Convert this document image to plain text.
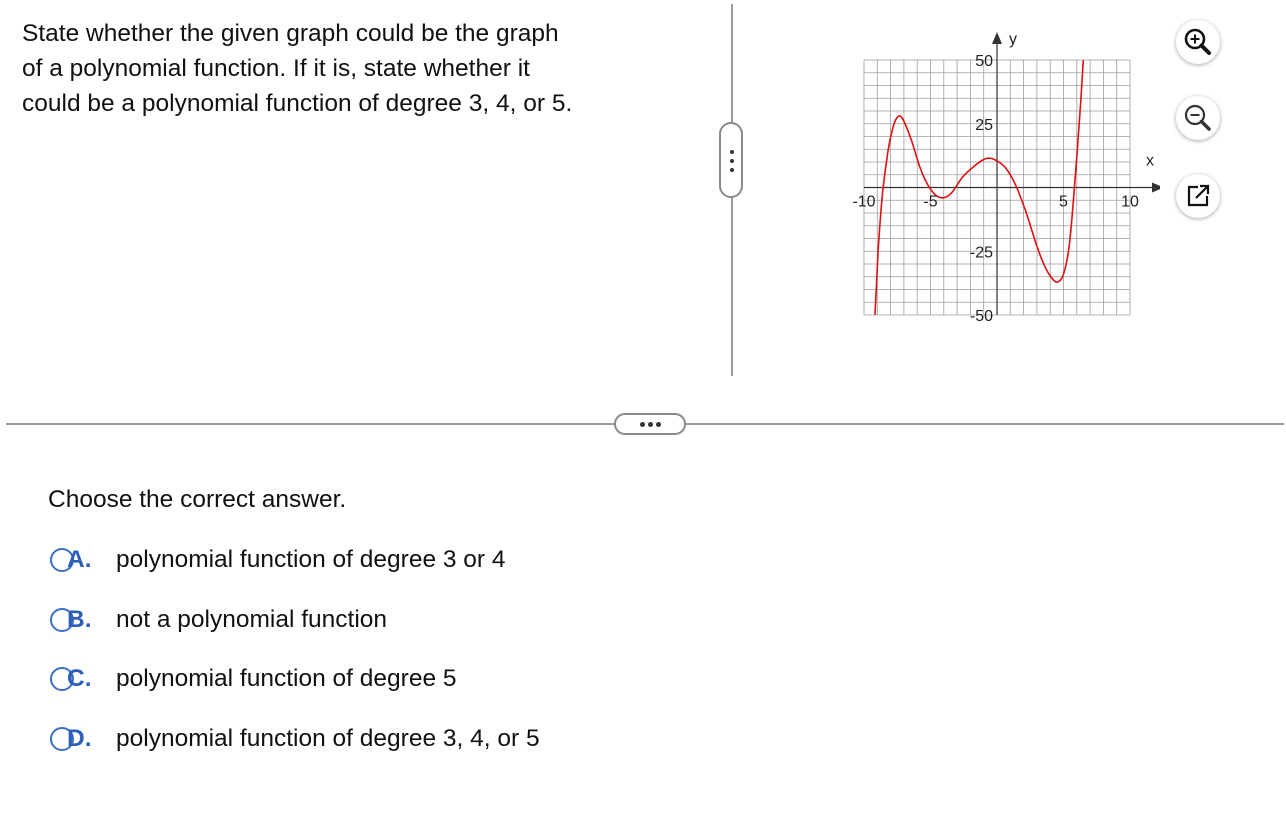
State whether the given graph could be the graph
of a polynomial function. If it is, state whether it
could be a polynomial function of degree 3, 4, or 5.
-10	-5	5	10
50
25
-25
-50
x
y
Choose the correct answer.
A. polynomial function of degree 3 or 4
B. not a polynomial function
C. polynomial function of degree 5
D. polynomial function of degree 3, 4, or 5
